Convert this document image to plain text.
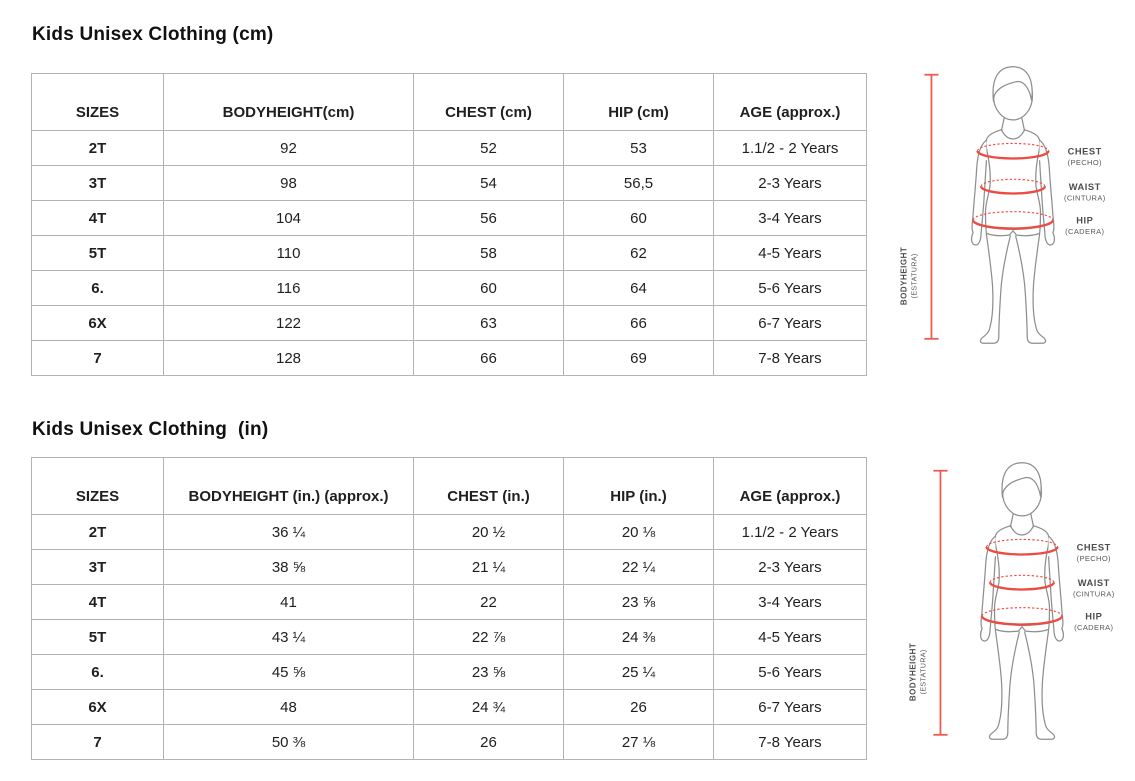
Kids Unisex Clothing (cm)
SIZES	BODYHEIGHT(cm)	CHEST (cm)	HIP (cm)	AGE (approx.)
2T	92	52	53	1.1/2 - 2 Years
3T	98	54	56,5	2-3 Years
4T	104	56	60	3-4 Years
5T	110	58	62	4-5 Years
6.	116	60	64	5-6 Years
6X	122	63	66	6-7 Years
7	128	66	69	7-8 Years
Kids Unisex Clothing  (in)
SIZES	BODYHEIGHT (in.) (approx.)	CHEST (in.)	HIP (in.)	AGE (approx.)
2T	36 ¼	20 ½	20 ⅛	1.1/2 - 2 Years
3T	38 ⅝	21 ¼	22 ¼	2-3 Years
4T	41	22	23 ⅝	3-4 Years
5T	43 ¼	22 ⅞	24 ⅜	4-5 Years
6.	45 ⅝	23 ⅝	25 ¼	5-6 Years
6X	48	24 ¾	26	6-7 Years
7	50 ⅜	26	27 ⅛	7-8 Years
BODYHEIGHT (ESTATURA)
CHEST
(PECHO)
WAIST
(CINTURA)
HIP
(CADERA)
BODYHEIGHT (ESTATURA)
CHEST
(PECHO)
WAIST
(CINTURA)
HIP
(CADERA)
